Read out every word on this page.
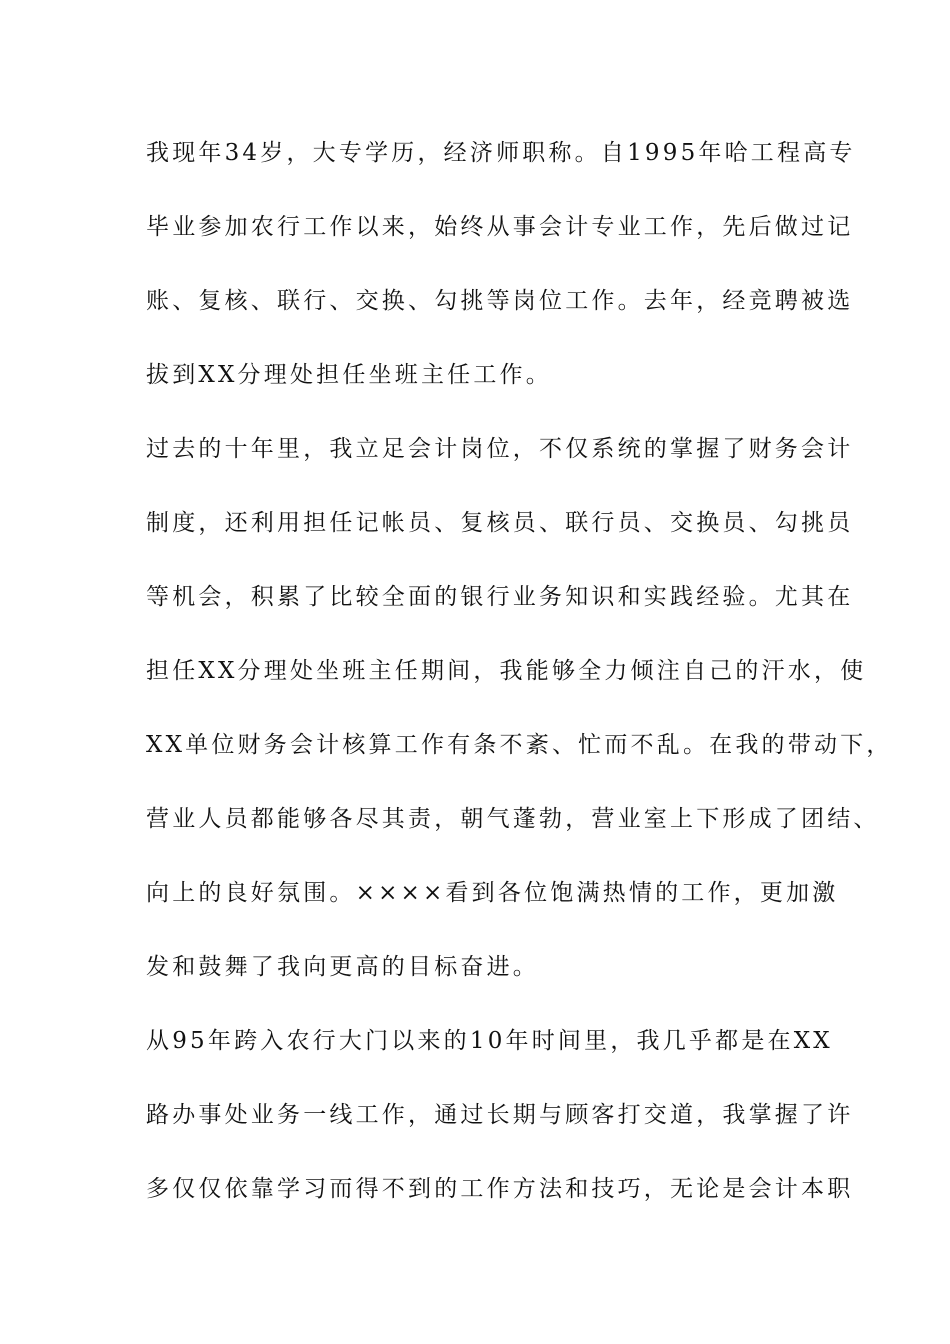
我现年34岁，大专学历，经济师职称。自1995年哈工程高专
毕业参加农行工作以来，始终从事会计专业工作，先后做过记
账、复核、联行、交换、勾挑等岗位工作。去年，经竞聘被选
拔到XX分理处担任坐班主任工作。
过去的十年里，我立足会计岗位，不仅系统的掌握了财务会计
制度，还利用担任记帐员、复核员、联行员、交换员、勾挑员
等机会，积累了比较全面的银行业务知识和实践经验。尤其在
担任XX分理处坐班主任期间，我能够全力倾注自己的汗水，使
XX单位财务会计核算工作有条不紊、忙而不乱。在我的带动下，
营业人员都能够各尽其责，朝气蓬勃，营业室上下形成了团结、
向上的良好氛围。××××看到各位饱满热情的工作，更加激
发和鼓舞了我向更高的目标奋进。
从95年跨入农行大门以来的10年时间里，我几乎都是在XX
路办事处业务一线工作，通过长期与顾客打交道，我掌握了许
多仅仅依靠学习而得不到的工作方法和技巧，无论是会计本职
